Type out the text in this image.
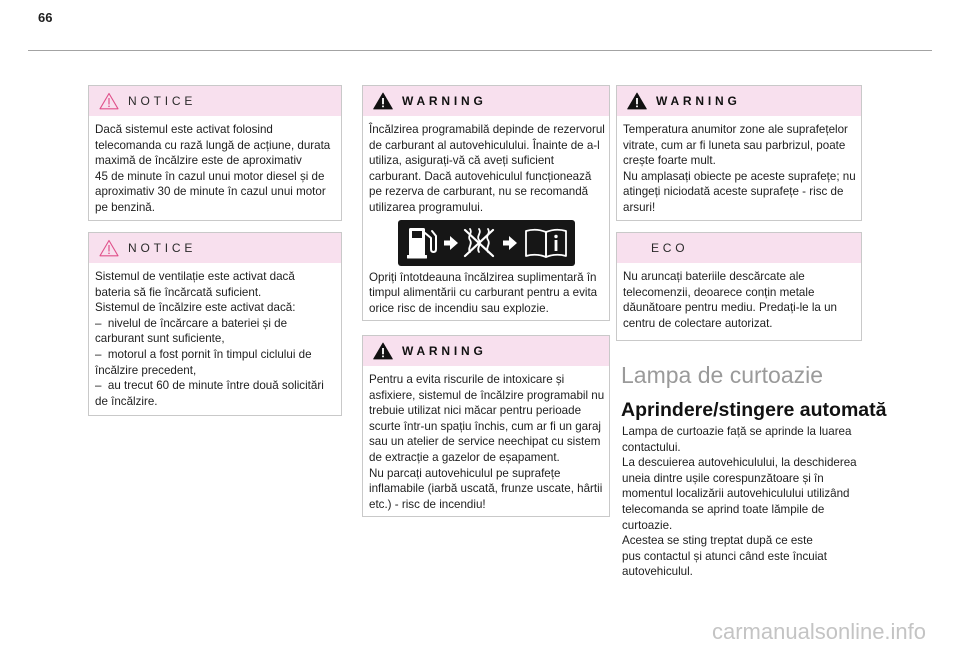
66
NOTICE
Dacă sistemul este activat folosind
telecomanda cu rază lungă de acțiune, durata
maximă de încălzire este de aproximativ
45 de minute în cazul unui motor diesel și de
aproximativ 30 de minute în cazul unui motor
pe benzină.
NOTICE
Sistemul de ventilație este activat dacă
bateria să fie încărcată suficient.
Sistemul de încălzire este activat dacă:
–  nivelul de încărcare a bateriei și de
carburant sunt suficiente,
–  motorul a fost pornit în timpul ciclului de
încălzire precedent,
–  au trecut 60 de minute între două solicitări
de încălzire.
WARNING
Încălzirea programabilă depinde de rezervorul
de carburant al autovehiculului. Înainte de a-l
utiliza, asigurați-vă că aveți suficient
carburant. Dacă autovehiculul funcționează
pe rezerva de carburant, nu se recomandă
utilizarea programului.
Opriți întotdeauna încălzirea suplimentară în
timpul alimentării cu carburant pentru a evita
orice risc de incendiu sau explozie.
WARNING
Pentru a evita riscurile de intoxicare și
asfixiere, sistemul de încălzire programabil nu
trebuie utilizat nici măcar pentru perioade
scurte într-un spațiu închis, cum ar fi un garaj
sau un atelier de service neechipat cu sistem
de extracție a gazelor de eșapament.
Nu parcați autovehiculul pe suprafețe
inflamabile (iarbă uscată, frunze uscate, hârtii
etc.) - risc de incendiu!
WARNING
Temperatura anumitor zone ale suprafețelor
vitrate, cum ar fi luneta sau parbrizul, poate
crește foarte mult.
Nu amplasați obiecte pe aceste suprafețe; nu
atingeți niciodată aceste suprafețe - risc de
arsuri!
ECO
Nu aruncați bateriile descărcate ale
telecomenzii, deoarece conțin metale
dăunătoare pentru mediu. Predați-le la un
centru de colectare autorizat.
Lampa de curtoazie
Aprindere/stingere automată
Lampa de curtoazie față se aprinde la luarea
contactului.
La descuierea autovehiculului, la deschiderea
uneia dintre ușile corespunzătoare și în
momentul localizării autovehiculului utilizând
telecomanda se aprind toate lămpile de
curtoazie.
Acestea se sting treptat după ce este
pus contactul și atunci când este încuiat
autovehiculul.
carmanualsonline.info
